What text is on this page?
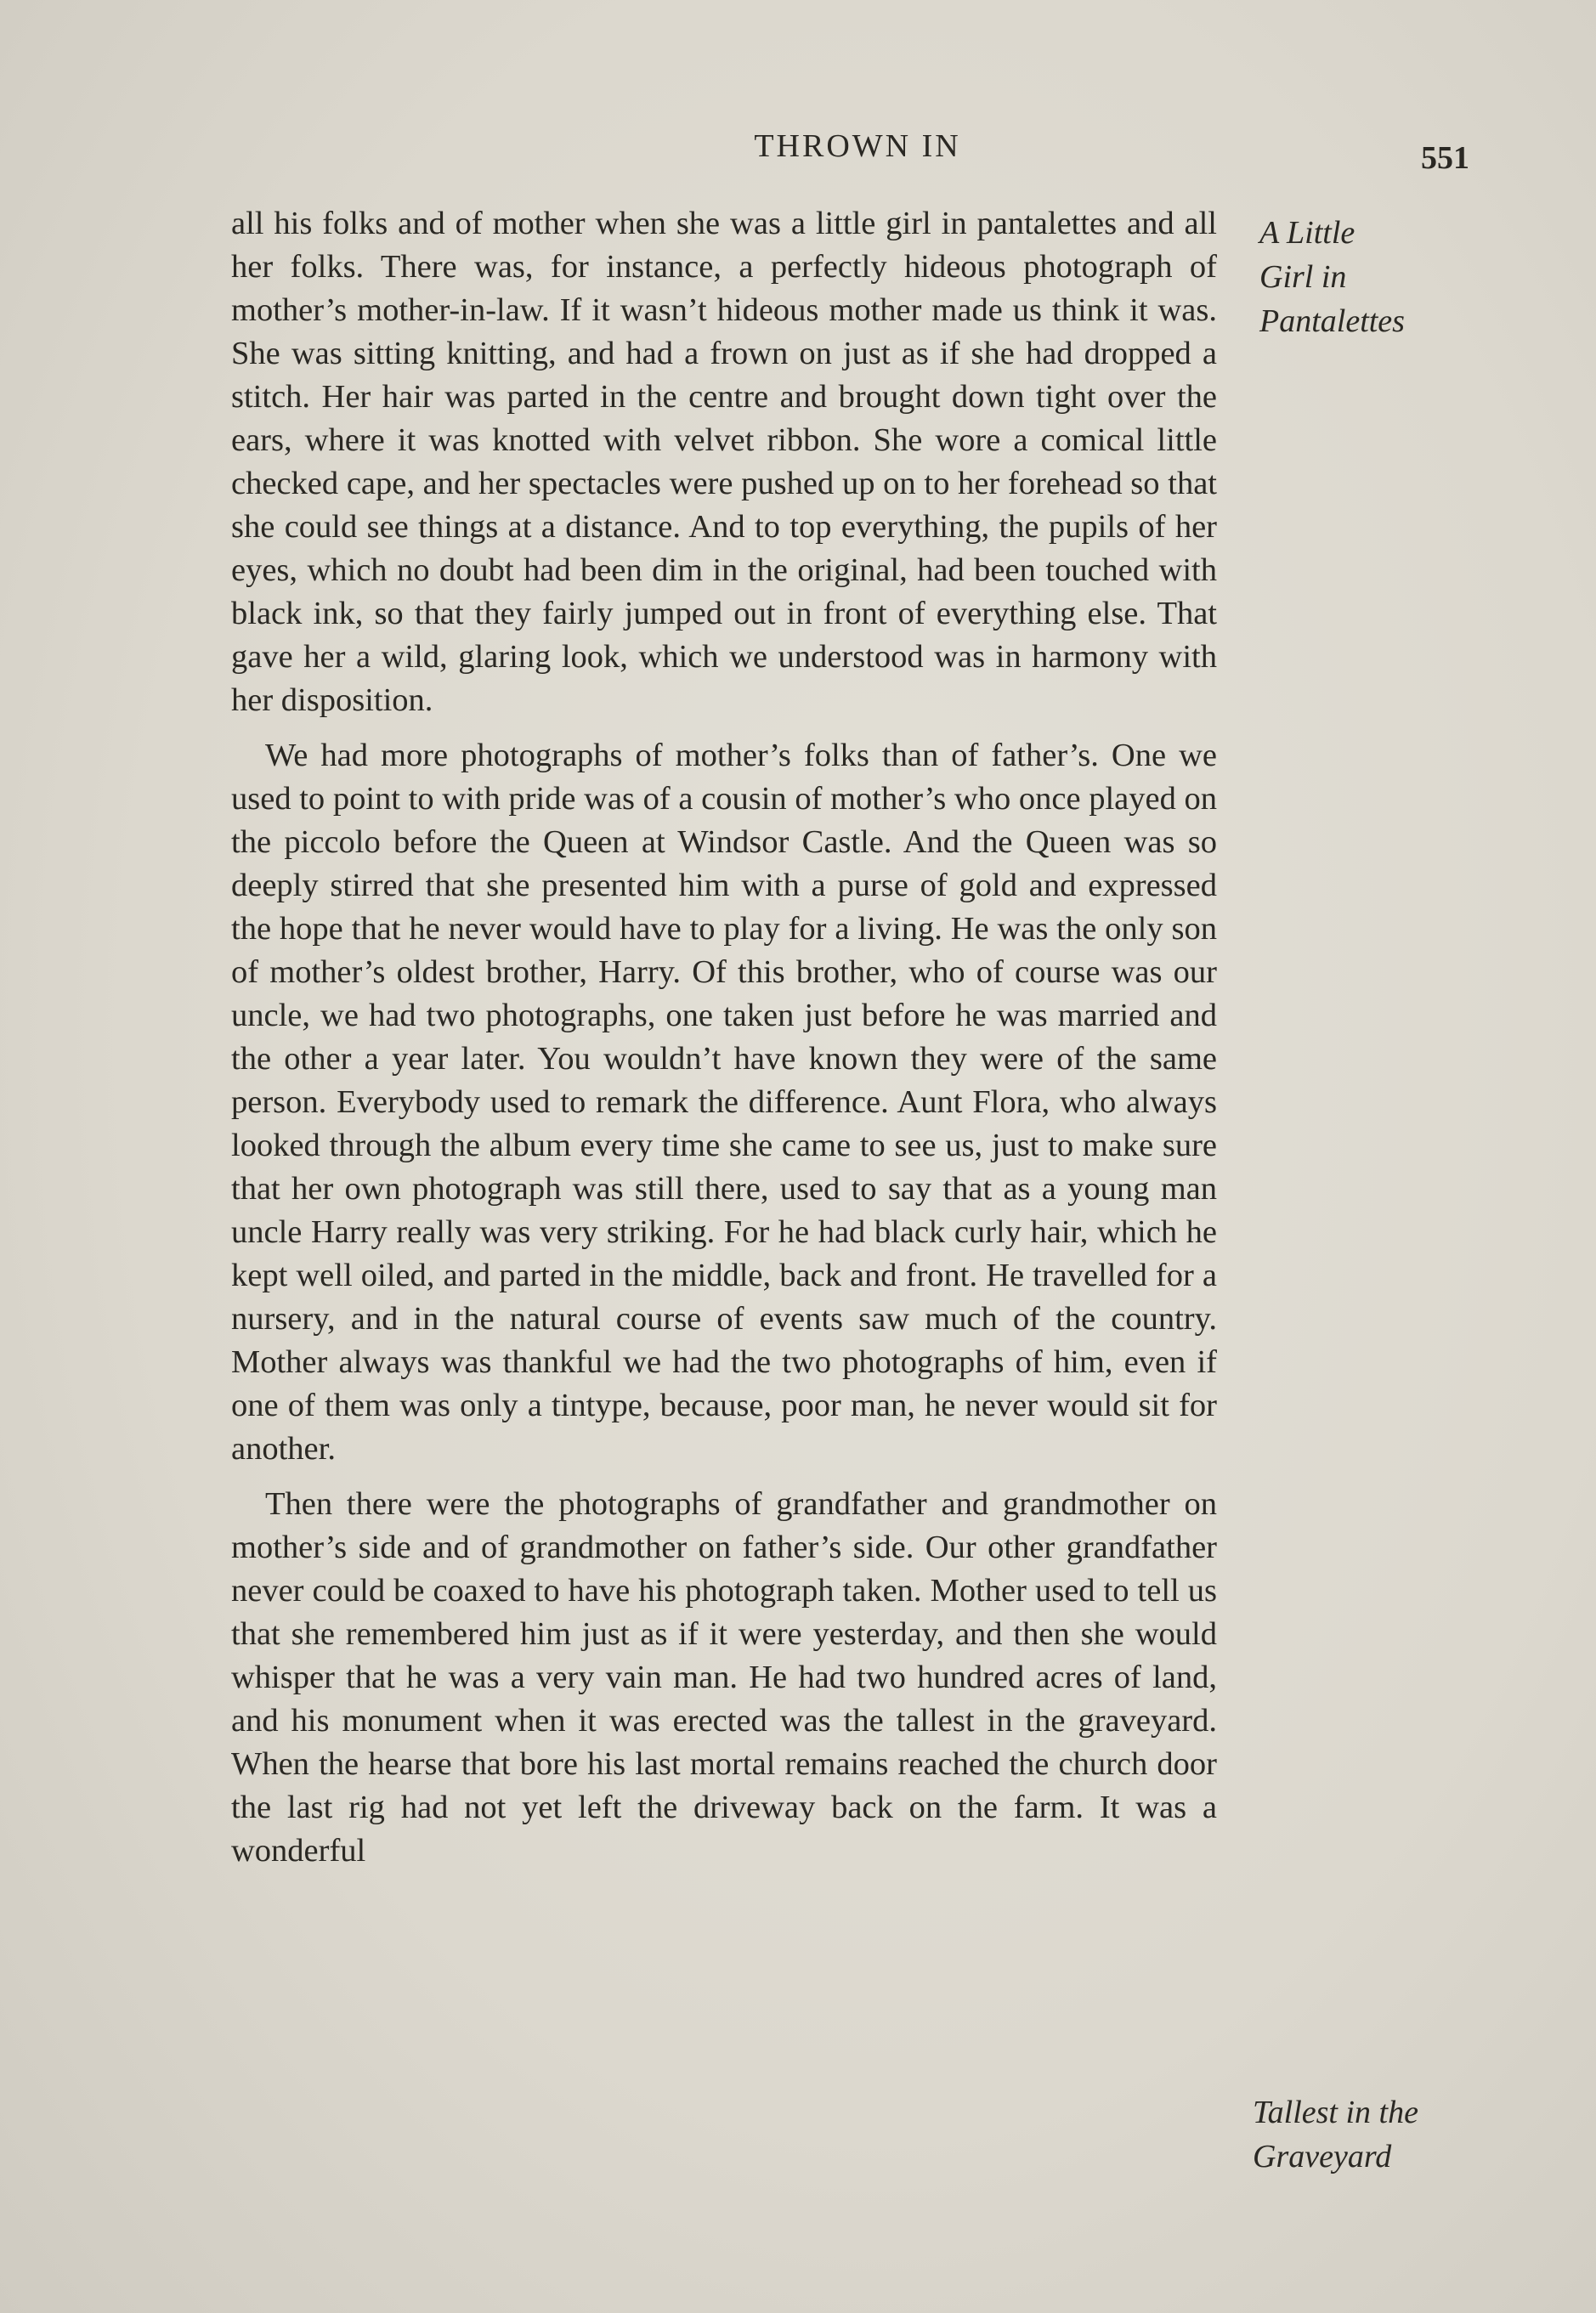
THROWN IN	551

all his folks and of mother when she was a little girl in pantalettes and all her folks. There was, for instance, a perfectly hideous photograph of mother’s mother-in-law. If it wasn’t hideous mother made us think it was. She was sitting knitting, and had a frown on just as if she had dropped a stitch. Her hair was parted in the centre and brought down tight over the ears, where it was knotted with velvet ribbon. She wore a comical little checked cape, and her spectacles were pushed up on to her forehead so that she could see things at a distance. And to top everything, the pupils of her eyes, which no doubt had been dim in the original, had been touched with black ink, so that they fairly jumped out in front of everything else. That gave her a wild, glaring look, which we understood was in harmony with her disposition.

We had more photographs of mother’s folks than of father’s. One we used to point to with pride was of a cousin of mother’s who once played on the piccolo before the Queen at Windsor Castle. And the Queen was so deeply stirred that she presented him with a purse of gold and expressed the hope that he never would have to play for a living. He was the only son of mother’s oldest brother, Harry. Of this brother, who of course was our uncle, we had two photographs, one taken just before he was married and the other a year later. You wouldn’t have known they were of the same person. Everybody used to remark the difference. Aunt Flora, who always looked through the album every time she came to see us, just to make sure that her own photograph was still there, used to say that as a young man uncle Harry really was very striking. For he had black curly hair, which he kept well oiled, and parted in the middle, back and front. He travelled for a nursery, and in the natural course of events saw much of the country. Mother always was thankful we had the two photographs of him, even if one of them was only a tintype, because, poor man, he never would sit for another.

Then there were the photographs of grandfather and grandmother on mother’s side and of grandmother on father’s side. Our other grandfather never could be coaxed to have his photograph taken. Mother used to tell us that she remembered him just as if it were yesterday, and then she would whisper that he was a very vain man. He had two hundred acres of land, and his monument when it was erected was the tallest in the graveyard. When the hearse that bore his last mortal remains reached the church door the last rig had not yet left the driveway back on the farm. It was a wonderful

A Little
Girl in
Pantalettes
Tallest in the
Graveyard
